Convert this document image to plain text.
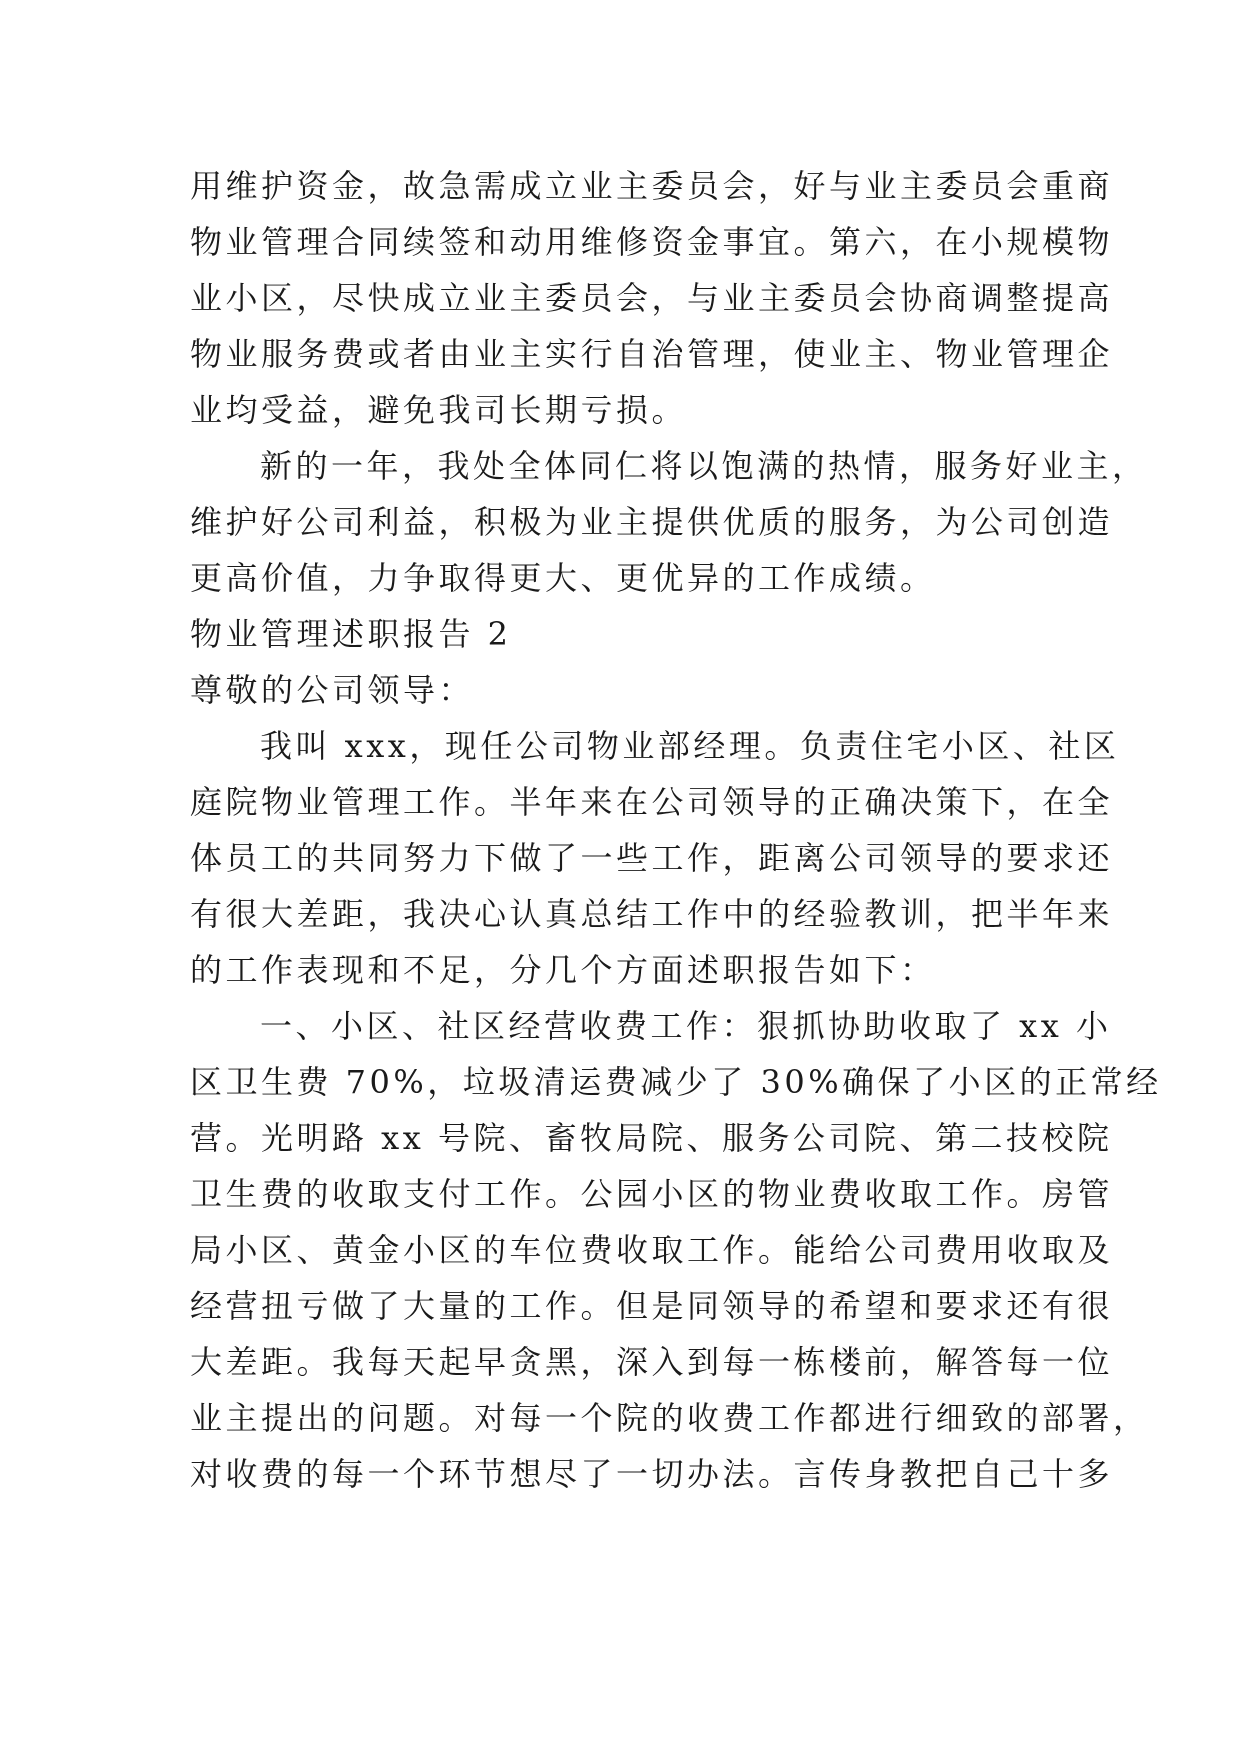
用维护资金，故急需成立业主委员会，好与业主委员会重商
物业管理合同续签和动用维修资金事宜。第六，在小规模物
业小区，尽快成立业主委员会，与业主委员会协商调整提高
物业服务费或者由业主实行自治管理，使业主、物业管理企
业均受益，避免我司长期亏损。
新的一年，我处全体同仁将以饱满的热情，服务好业主，
维护好公司利益，积极为业主提供优质的服务，为公司创造
更高价值，力争取得更大、更优异的工作成绩。
物业管理述职报告 2
尊敬的公司领导：
我叫 xxx，现任公司物业部经理。负责住宅小区、社区
庭院物业管理工作。半年来在公司领导的正确决策下，在全
体员工的共同努力下做了一些工作，距离公司领导的要求还
有很大差距，我决心认真总结工作中的经验教训，把半年来
的工作表现和不足，分几个方面述职报告如下：
一、小区、社区经营收费工作：狠抓协助收取了 xx 小
区卫生费 70%，垃圾清运费减少了 30%确保了小区的正常经
营。光明路 xx 号院、畜牧局院、服务公司院、第二技校院
卫生费的收取支付工作。公园小区的物业费收取工作。房管
局小区、黄金小区的车位费收取工作。能给公司费用收取及
经营扭亏做了大量的工作。但是同领导的希望和要求还有很
大差距。我每天起早贪黑，深入到每一栋楼前，解答每一位
业主提出的问题。对每一个院的收费工作都进行细致的部署，
对收费的每一个环节想尽了一切办法。言传身教把自己十多
